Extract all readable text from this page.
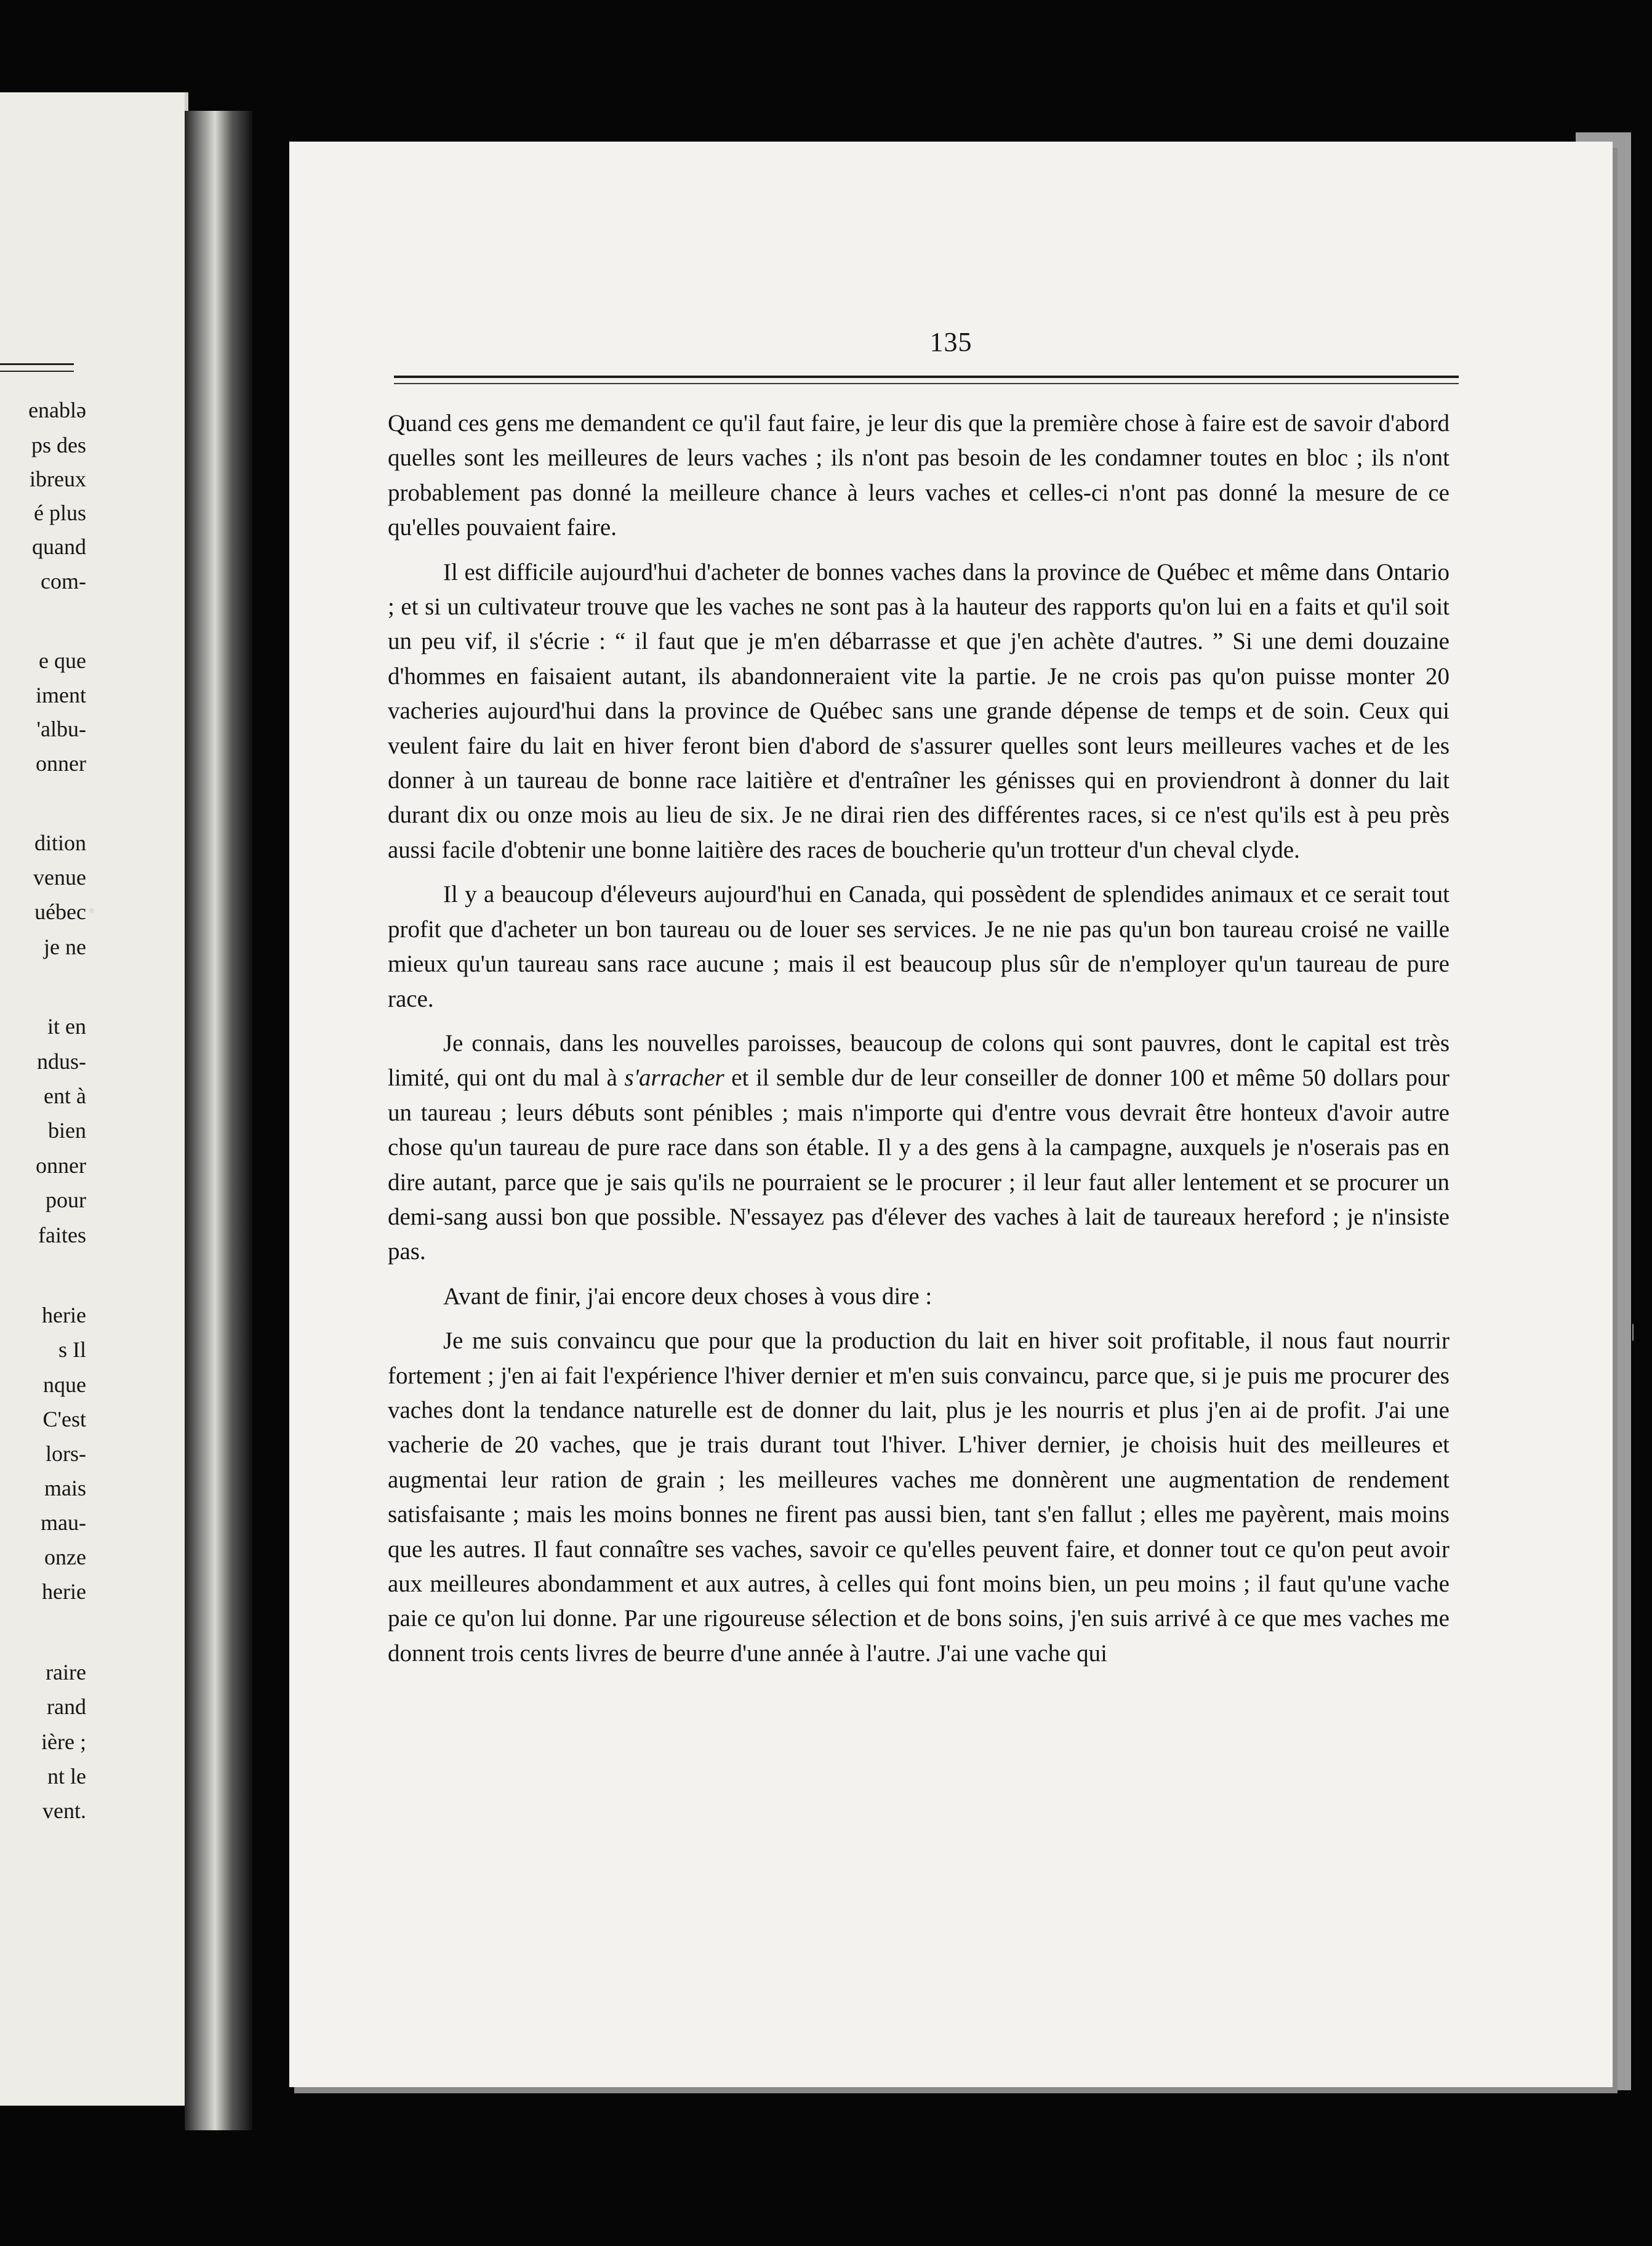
enablə
ps des
ibreux
é plus
quand
com-
e que
iment
'albu-
onner
dition
venue
uébec
je ne
it en
ndus-
ent à
bien
onner
pour
faites
herie
s Il
nque
C'est
lors-
mais
mau-
onze
herie
raire
rand
ière ;
nt le
vent.
135

Quand ces gens me demandent ce qu'il faut faire, je leur dis que la première chose à faire est de savoir d'abord quelles sont les meilleures de leurs vaches ; ils n'ont pas besoin de les condamner toutes en bloc ; ils n'ont probablement pas donné la meilleure chance à leurs vaches et celles-ci n'ont pas donné la mesure de ce qu'elles pouvaient faire.

Il est difficile aujourd'hui d'acheter de bonnes vaches dans la province de Québec et même dans Ontario ; et si un cultivateur trouve que les vaches ne sont pas à la hauteur des rapports qu'on lui en a faits et qu'il soit un peu vif, il s'écrie : “ il faut que je m'en débarrasse et que j'en achète d'autres. ” Si une demi douzaine d'hommes en faisaient autant, ils abandonneraient vite la partie. Je ne crois pas qu'on puisse monter 20 vacheries aujourd'hui dans la province de Québec sans une grande dépense de temps et de soin. Ceux qui veulent faire du lait en hiver feront bien d'abord de s'assurer quelles sont leurs meilleures vaches et de les donner à un taureau de bonne race laitière et d'entraîner les génisses qui en proviendront à donner du lait durant dix ou onze mois au lieu de six. Je ne dirai rien des différentes races, si ce n'est qu'ils est à peu près aussi facile d'obtenir une bonne laitière des races de boucherie qu'un trotteur d'un cheval clyde.

Il y a beaucoup d'éleveurs aujourd'hui en Canada, qui possèdent de splendides animaux et ce serait tout profit que d'acheter un bon taureau ou de louer ses services. Je ne nie pas qu'un bon taureau croisé ne vaille mieux qu'un taureau sans race aucune ; mais il est beaucoup plus sûr de n'employer qu'un taureau de pure race.

Je connais, dans les nouvelles paroisses, beaucoup de colons qui sont pauvres, dont le capital est très limité, qui ont du mal à s'arracher et il semble dur de leur conseiller de donner 100 et même 50 dollars pour un taureau ; leurs débuts sont pénibles ; mais n'importe qui d'entre vous devrait être honteux d'avoir autre chose qu'un taureau de pure race dans son étable. Il y a des gens à la campagne, auxquels je n'oserais pas en dire autant, parce que je sais qu'ils ne pourraient se le procurer ; il leur faut aller lentement et se procurer un demi-sang aussi bon que possible. N'essayez pas d'élever des vaches à lait de taureaux hereford ; je n'insiste pas.

Avant de finir, j'ai encore deux choses à vous dire :

Je me suis convaincu que pour que la production du lait en hiver soit profitable, il nous faut nourrir fortement ; j'en ai fait l'expérience l'hiver dernier et m'en suis convaincu, parce que, si je puis me procurer des vaches dont la tendance naturelle est de donner du lait, plus je les nourris et plus j'en ai de profit. J'ai une vacherie de 20 vaches, que je trais durant tout l'hiver. L'hiver dernier, je choisis huit des meilleures et augmentai leur ration de grain ; les meilleures vaches me donnèrent une augmentation de rendement satisfaisante ; mais les moins bonnes ne firent pas aussi bien, tant s'en fallut ; elles me payèrent, mais moins que les autres. Il faut connaître ses vaches, savoir ce qu'elles peuvent faire, et donner tout ce qu'on peut avoir aux meilleures abondamment et aux autres, à celles qui font moins bien, un peu moins ; il faut qu'une vache paie ce qu'on lui donne. Par une rigoureuse sélection et de bons soins, j'en suis arrivé à ce que mes vaches me donnent trois cents livres de beurre d'une année à l'autre. J'ai une vache qui

|
